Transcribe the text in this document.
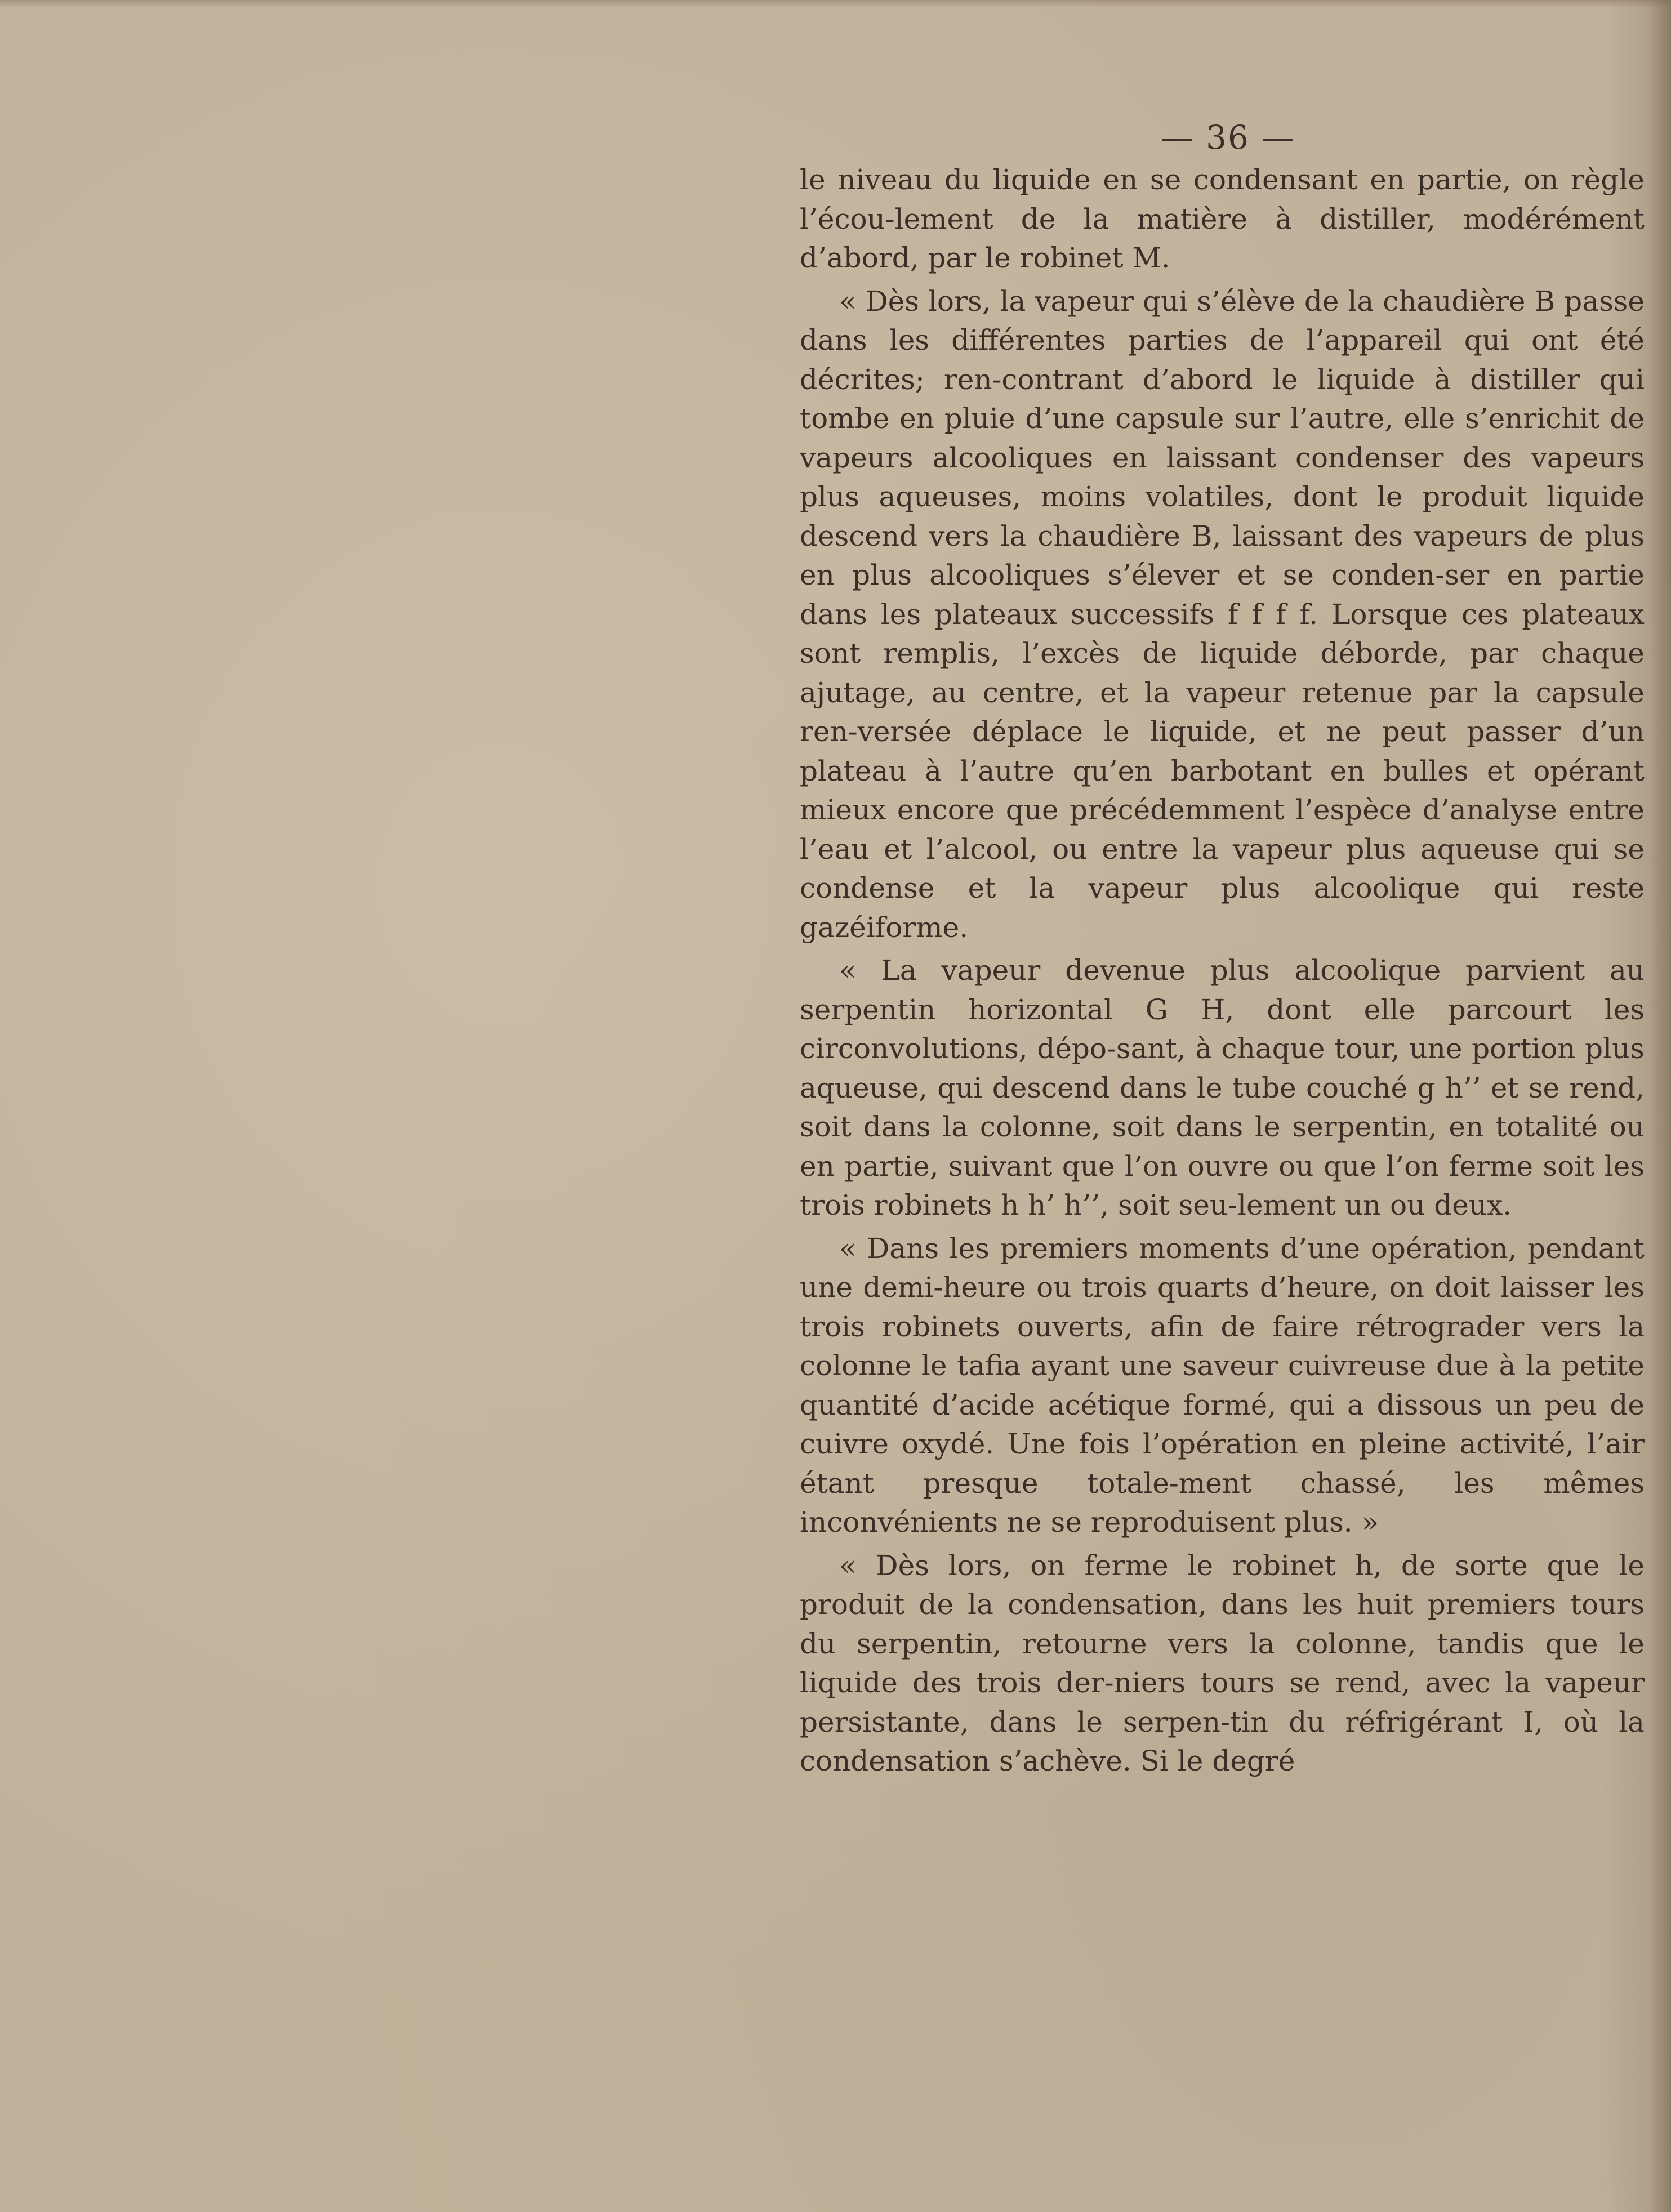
— 36 —

le niveau du liquide en se condensant en partie, on règle l’écou-lement de la matière à distiller, modérément d’abord, par le robinet M.

« Dès lors, la vapeur qui s’élève de la chaudière B passe dans les différentes parties de l’appareil qui ont été décrites; ren-contrant d’abord le liquide à distiller qui tombe en pluie d’une capsule sur l’autre, elle s’enrichit de vapeurs alcooliques en laissant condenser des vapeurs plus aqueuses, moins volatiles, dont le produit liquide descend vers la chaudière B, laissant des vapeurs de plus en plus alcooliques s’élever et se conden-ser en partie dans les plateaux successifs f f f f. Lorsque ces plateaux sont remplis, l’excès de liquide déborde, par chaque ajutage, au centre, et la vapeur retenue par la capsule ren-versée déplace le liquide, et ne peut passer d’un plateau à l’autre qu’en barbotant en bulles et opérant mieux encore que précédemment l’espèce d’analyse entre l’eau et l’alcool, ou entre la vapeur plus aqueuse qui se condense et la vapeur plus alcoolique qui reste gazéiforme.

« La vapeur devenue plus alcoolique parvient au serpentin horizontal G H, dont elle parcourt les circonvolutions, dépo-sant, à chaque tour, une portion plus aqueuse, qui descend dans le tube couché g h’’ et se rend, soit dans la colonne, soit dans le serpentin, en totalité ou en partie, suivant que l’on ouvre ou que l’on ferme soit les trois robinets h h’ h’’, soit seu-lement un ou deux.

« Dans les premiers moments d’une opération, pendant une demi-heure ou trois quarts d’heure, on doit laisser les trois robinets ouverts, afin de faire rétrograder vers la colonne le tafia ayant une saveur cuivreuse due à la petite quantité d’acide acétique formé, qui a dissous un peu de cuivre oxydé. Une fois l’opération en pleine activité, l’air étant presque totale-ment chassé, les mêmes inconvénients ne se reproduisent plus. »

« Dès lors, on ferme le robinet h, de sorte que le produit de la condensation, dans les huit premiers tours du serpentin, retourne vers la colonne, tandis que le liquide des trois der-niers tours se rend, avec la vapeur persistante, dans le serpen-tin du réfrigérant I, où la condensation s’achève. Si le degré
